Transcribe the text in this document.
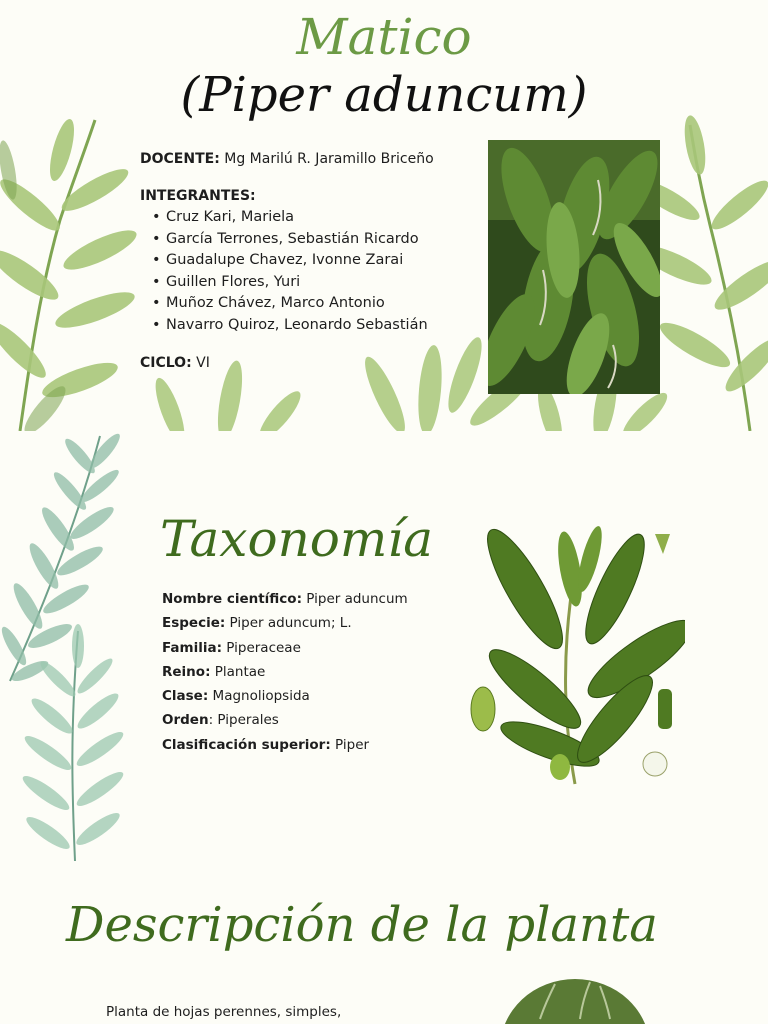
Matico
(Piper aduncum)
DOCENTE: Mg Marilú R. Jaramillo Briceño
INTEGRANTES:
• Cruz Kari, Mariela
• García Terrones, Sebastián Ricardo
• Guadalupe Chavez, Ivonne Zarai
• Guillen Flores, Yuri
• Muñoz Chávez, Marco Antonio
• Navarro Quiroz, Leonardo Sebastián
CICLO: VI
Taxonomía
Nombre científico: Piper aduncum
Especie: Piper aduncum; L.
Familia: Piperaceae
Reino: Plantae
Clase: Magnoliopsida
Orden: Piperales
Clasificación superior: Piper
Descripción de la planta
Planta de hojas perennes, simples,
